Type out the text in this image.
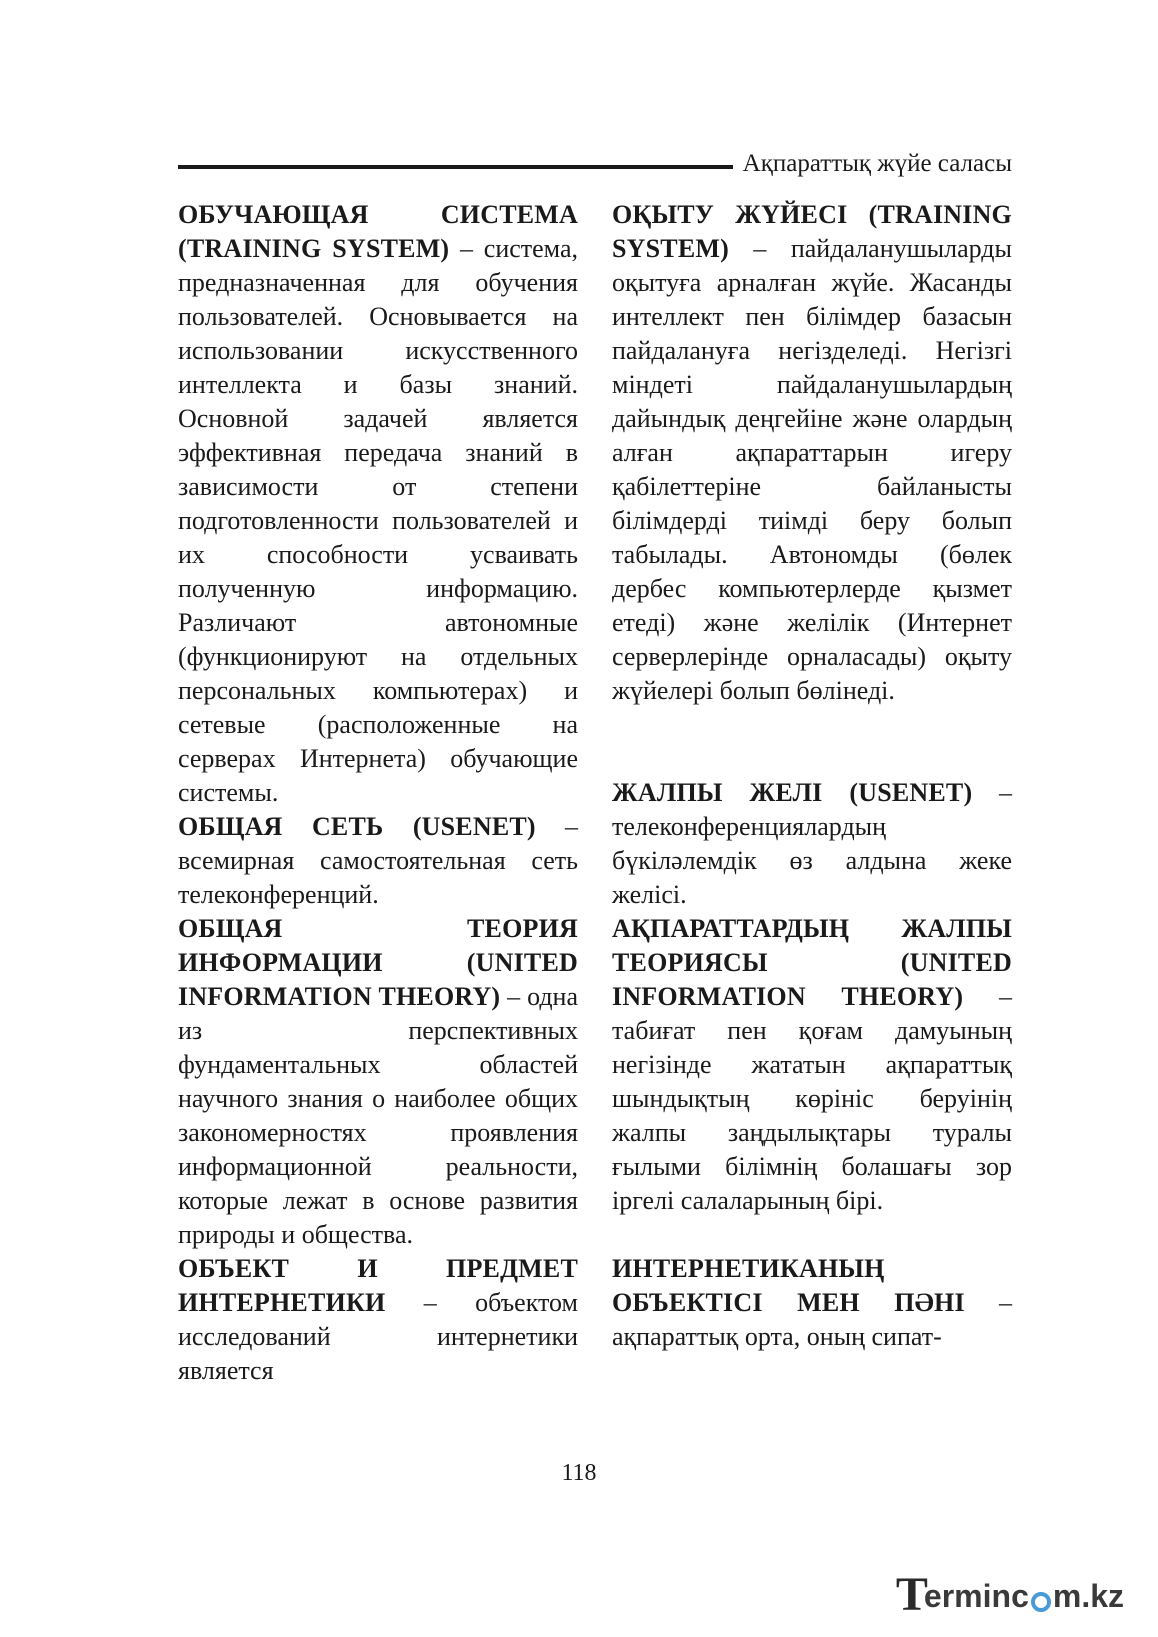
Ақпараттық жүйе саласы

ОБУЧАЮЩАЯ СИСТЕМА (TRAINING SYSTEM) – система, предназначенная для обучения пользователей. Основывается на использовании искусственного интеллекта и базы знаний. Основной задачей является эффективная передача знаний в зависимости от степени подготовленности пользователей и их способности усваивать полученную информацию. Различают автономные (функционируют на отдельных персональных компьютерах) и сетевые (расположенные на серверах Интернета) обучающие системы.

ОБЩАЯ СЕТЬ (USENET) – всемирная самостоятельная сеть телеконференций.

ОБЩАЯ ТЕОРИЯ ИНФОРМАЦИИ (UNITED INFORMATION THEORY) – одна из перспективных фундаментальных областей научного знания о наиболее общих закономерностях проявления информационной реальности, которые лежат в основе развития природы и общества.

ОБЪЕКТ И ПРЕДМЕТ ИНТЕРНЕТИКИ – объектом исследований интернетики является

ОҚЫТУ ЖҮЙЕСІ (TRAINING SYSTEM) – пайдаланушыларды оқытуға арналған жүйе. Жасанды интеллект пен білімдер базасын пайдалануға негізделеді. Негізгі міндеті пайдаланушылардың дайындық деңгейіне және олардың алған ақпараттарын игеру қабілеттеріне байланысты білімдерді тиімді беру болып табылады. Автономды (бөлек дербес компьютерлерде қызмет етеді) және желілік (Интернет серверлерінде орналасады) оқыту жүйелері болып бөлінеді.

ЖАЛПЫ ЖЕЛІ (USENET) – телеконференциялардың бүкіләлемдік өз алдына жеке желісі.

АҚПАРАТТАРДЫҢ ЖАЛПЫ ТЕОРИЯСЫ (UNITED INFORMATION THEORY) – табиғат пен қоғам дамуының негізінде жататын ақпараттық шындықтың көрініс беруінің жалпы заңдылықтары туралы ғылыми білімнің болашағы зор іргелі салаларының бірі.

ИНТЕРНЕТИКАНЫҢ ОБЪЕКТІСІ МЕН ПӘНІ – ақпараттық орта, оның сипат-

118
T
ermin c m.kz
